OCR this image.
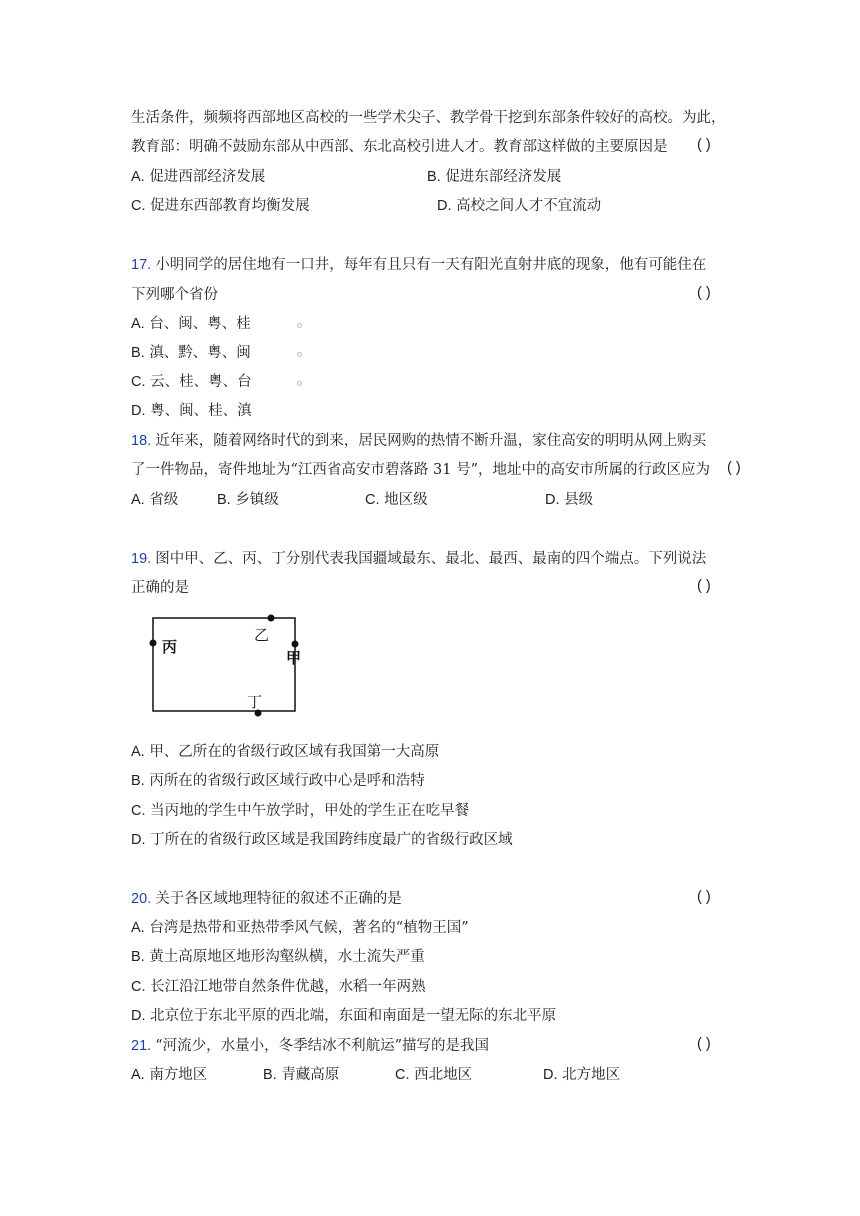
生活条件，频频将西部地区高校的一些学术尖子、教学骨干挖到东部条件较好的高校。为此，
教育部：明确不鼓励东部从中西部、东北高校引进人才。教育部这样做的主要原因是 ( )
A. 促进西部经济发展	B. 促进东部经济发展
C. 促进东西部教育均衡发展	D. 高校之间人才不宜流动
17. 小明同学的居住地有一口井，每年有且只有一天有阳光直射井底的现象，他有可能住在
下列哪个省份	( )
A. 台、闽、粤、桂
B. 滇、黔、粤、闽
C. 云、桂、粤、台
D. 粤、闽、桂、滇
18. 近年来，随着网络时代的到来，居民网购的热情不断升温，家住高安的明明从网上购买
了一件物品，寄件地址为“江西省高安市碧落路 31 号”，地址中的高安市所属的行政区应为 ( )
A. 省级	B. 乡镇级	C. 地区级	D. 县级
19. 图中甲、乙、丙、丁分别代表我国疆域最东、最北、最西、最南的四个端点。下列说法
正确的是	( )
丙
乙
甲
丁
A. 甲、乙所在的省级行政区域有我国第一大高原
B. 丙所在的省级行政区域行政中心是呼和浩特
C. 当丙地的学生中午放学时，甲处的学生正在吃早餐
D. 丁所在的省级行政区域是我国跨纬度最广的省级行政区域
20. 关于各区域地理特征的叙述不正确的是	( )
A. 台湾是热带和亚热带季风气候，著名的“植物王国”
B. 黄土高原地区地形沟壑纵横，水土流失严重
C. 长江沿江地带自然条件优越，水稻一年两熟
D. 北京位于东北平原的西北端，东面和南面是一望无际的东北平原
21. “河流少，水量小，冬季结冰不利航运”描写的是我国	( )
A. 南方地区	B. 青藏高原	C. 西北地区	D. 北方地区
